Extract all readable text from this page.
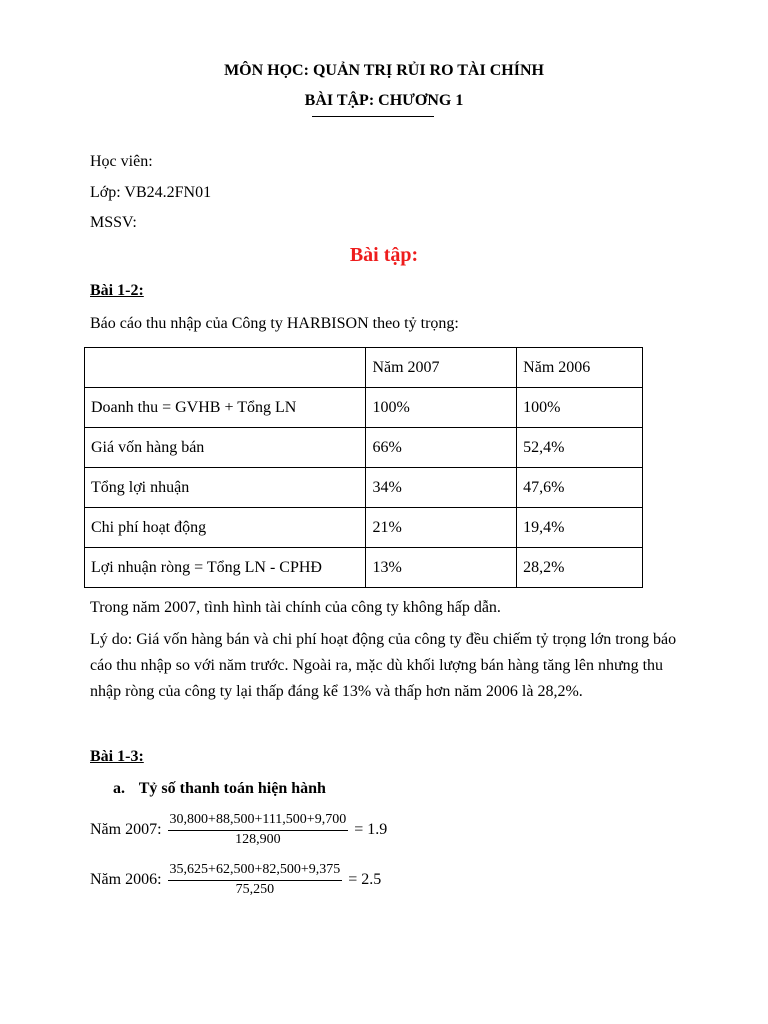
MÔN HỌC: QUẢN TRỊ RỦI RO TÀI CHÍNH
BÀI TẬP: CHƯƠNG 1
Học viên:
Lớp: VB24.2FN01
MSSV:
Bài tập:
Bài 1-2:
Báo cáo thu nhập của Công ty HARBISON theo tỷ trọng:
	Năm 2007	Năm 2006
Doanh thu = GVHB + Tổng LN	100%	100%
Giá vốn hàng bán	66%	52,4%
Tổng lợi nhuận	34%	47,6%
Chi phí hoạt động	21%	19,4%
Lợi nhuận ròng = Tổng LN - CPHĐ	13%	28,2%
Trong năm 2007, tình hình tài chính của công ty không hấp dẫn.
Lý do: Giá vốn hàng bán và chi phí hoạt động của công ty đều chiếm tỷ trọng lớn trong báo cáo thu nhập so với năm trước. Ngoài ra, mặc dù khối lượng bán hàng tăng lên nhưng thu nhập ròng của công ty lại thấp đáng kể 13% và thấp hơn năm 2006 là 28,2%.
Bài 1-3:
a. Tỷ số thanh toán hiện hành
Năm 2007: $\frac{30,800+88,500+111,500+9,700}{128,900} = 1.9$
Năm 2006: $\frac{35,625+62,500+82,500+9,375}{75,250} = 2.5$
